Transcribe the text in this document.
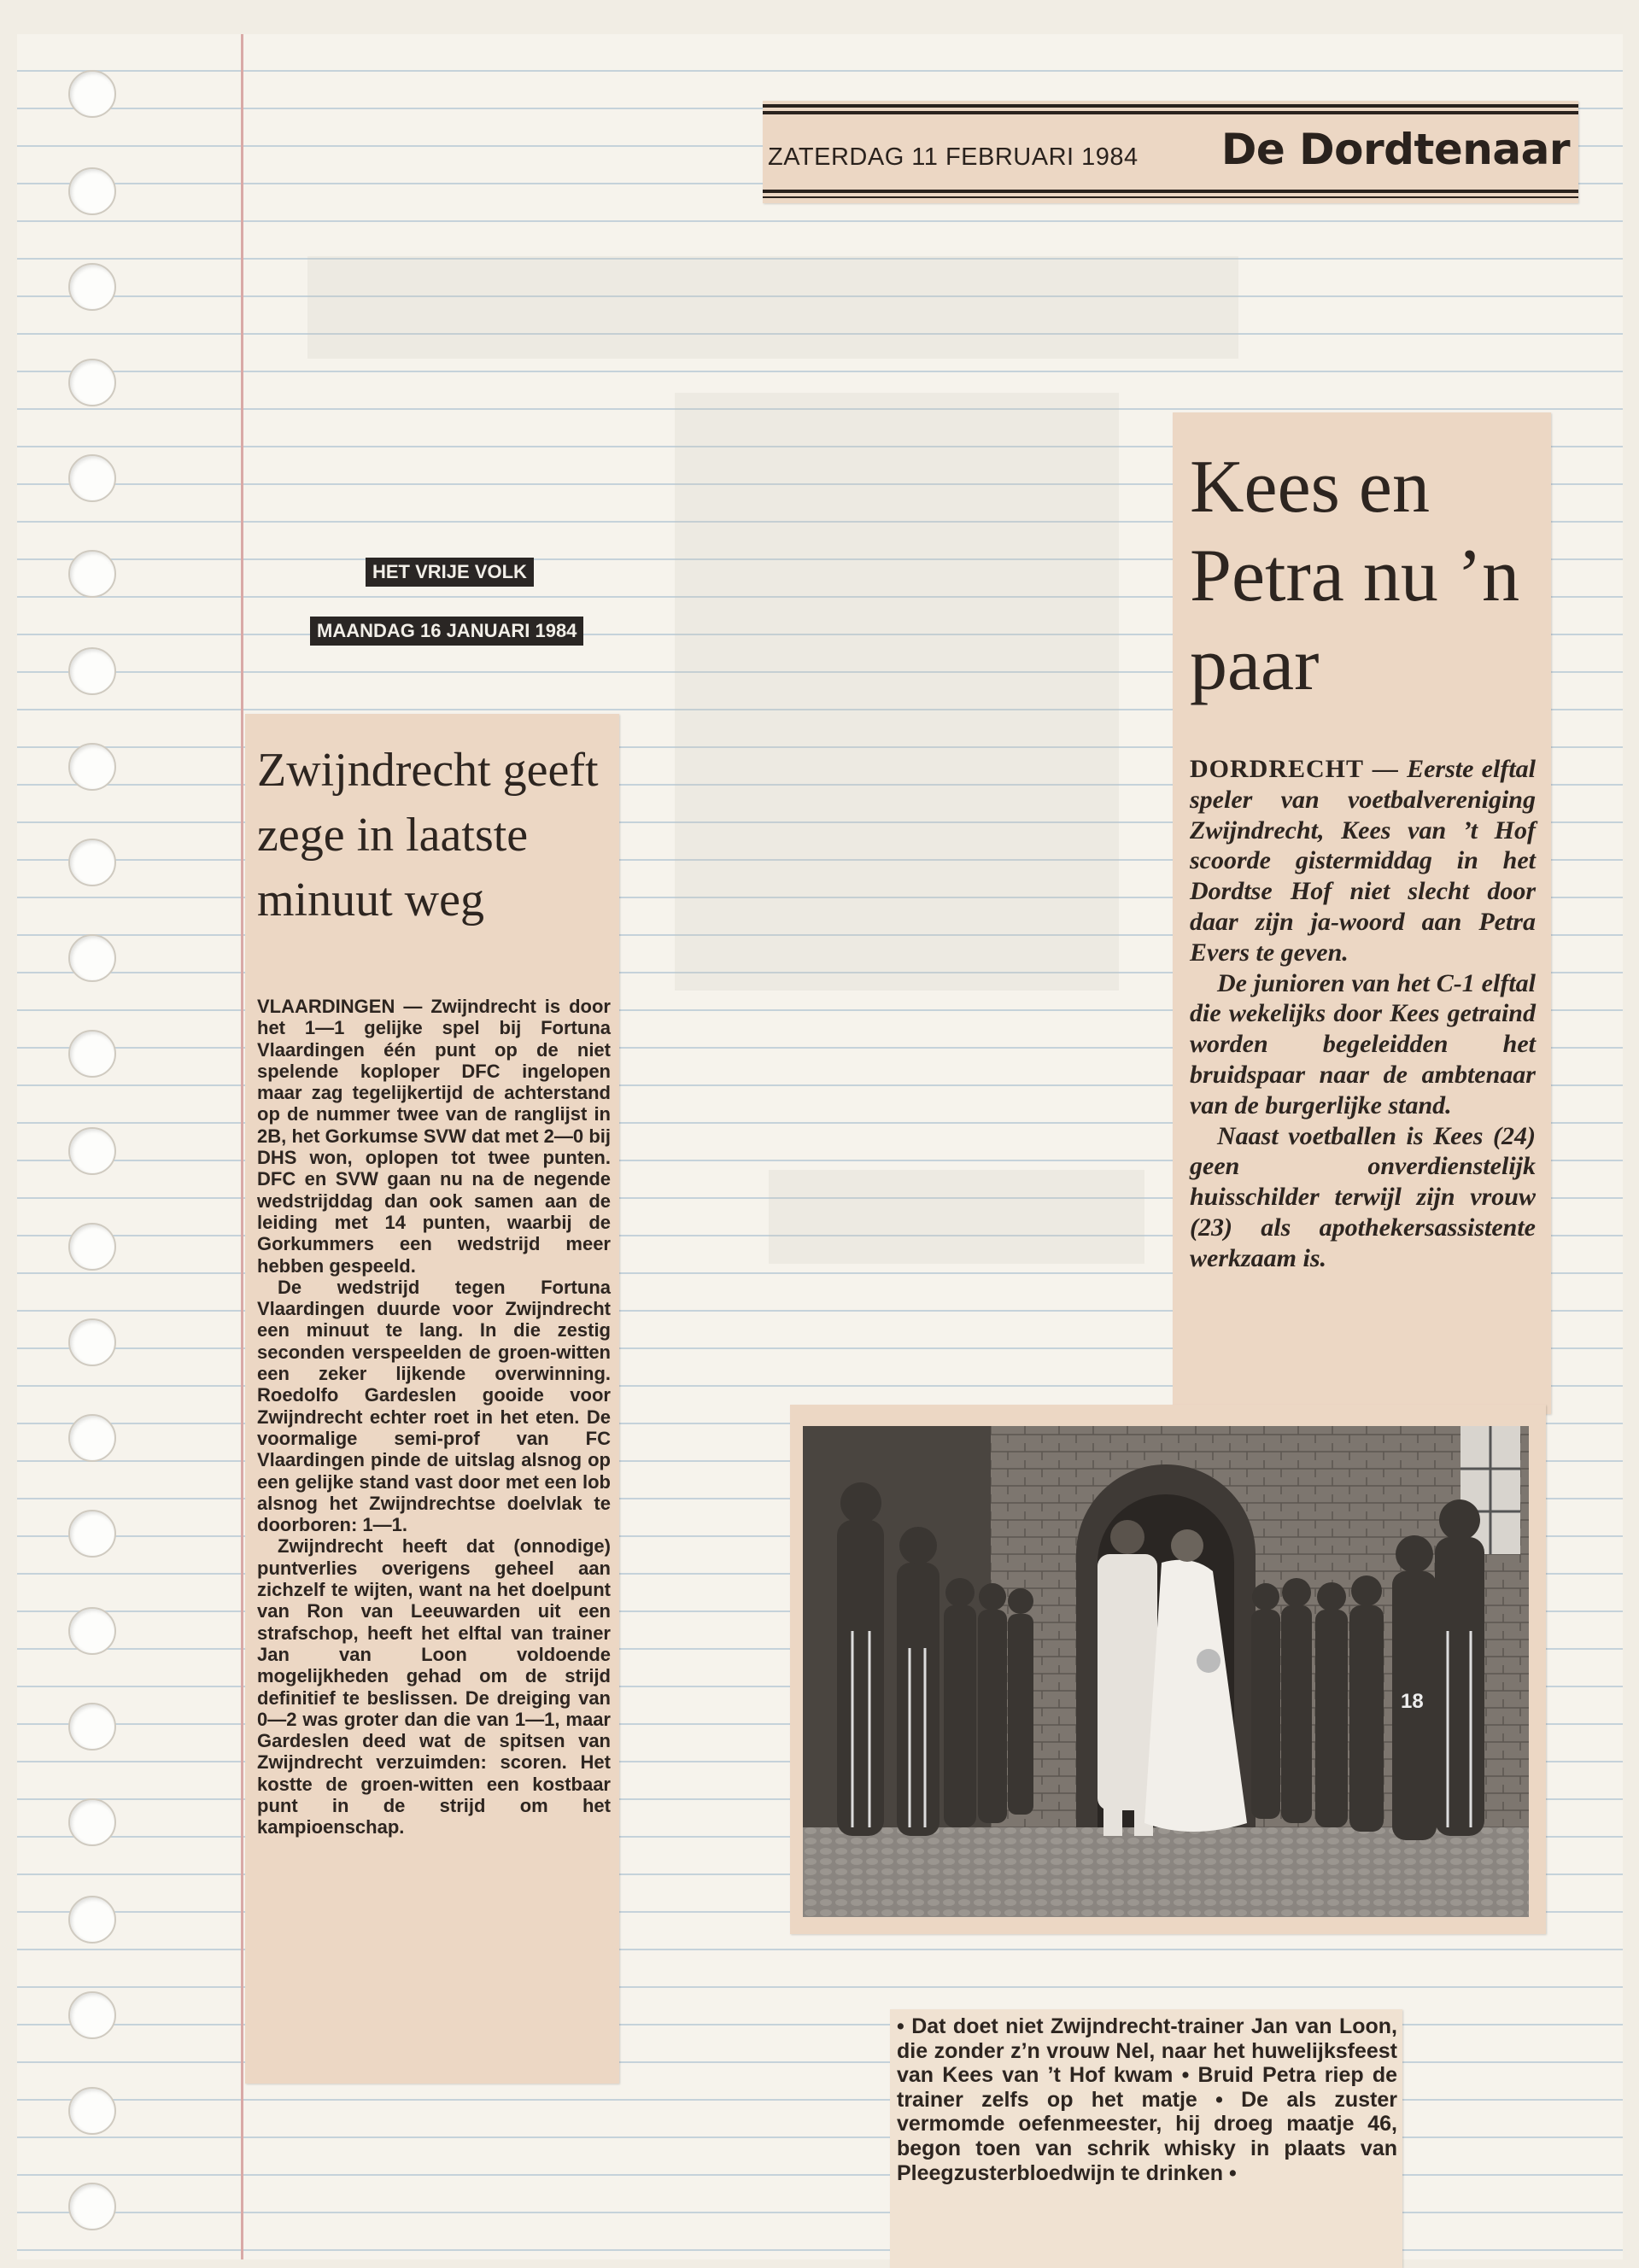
ZATERDAG 11 FEBRUARI 1984 De Dordtenaar
HET VRIJE VOLK
MAANDAG 16 JANUARI 1984
Zwijndrecht geeft zege in laatste minuut weg

VLAARDINGEN — Zwijndrecht is door het 1—1 gelijke spel bij Fortuna Vlaardingen één punt op de niet spelende koploper DFC ingelopen maar zag tegelijkertijd de achterstand op de nummer twee van de ranglijst in 2B, het Gorkumse SVW dat met 2—0 bij DHS won, oplopen tot twee punten. DFC en SVW gaan nu na de negende wedstrijddag dan ook samen aan de leiding met 14 punten, waarbij de Gorkummers een wedstrijd meer hebben gespeeld.

De wedstrijd tegen Fortuna Vlaardingen duurde voor Zwijndrecht een minuut te lang. In die zestig seconden verspeelden de groen-witten een zeker lijkende overwinning. Roedolfo Gardeslen gooide voor Zwijndrecht echter roet in het eten. De voormalige semi-prof van FC Vlaardingen pinde de uitslag alsnog op een gelijke stand vast door met een lob alsnog het Zwijndrechtse doelvlak te doorboren: 1—1.

Zwijndrecht heeft dat (onnodige) puntverlies overigens geheel aan zichzelf te wijten, want na het doelpunt van Ron van Leeuwarden uit een strafschop, heeft het elftal van trainer Jan van Loon voldoende mogelijkheden gehad om de strijd definitief te beslissen. De dreiging van 0—2 was groter dan die van 1—1, maar Gardeslen deed wat de spitsen van Zwijndrecht verzuimden: scoren. Het kostte de groen-witten een kostbaar punt in de strijd om het kampioenschap.

Kees en Petra nu ’n paar

DORDRECHT — Eerste elftal speler van voetbalvereniging Zwijndrecht, Kees van ’t Hof scoorde gistermiddag in het Dordtse Hof niet slecht door daar zijn ja-woord aan Petra Evers te geven.

De junioren van het C-1 elftal die wekelijks door Kees getraind worden begeleidden het bruidspaar naar de ambtenaar van de burgerlijke stand.

Naast voetballen is Kees (24) geen onverdienstelijk huisschilder terwijl zijn vrouw (23) als apothekersassistente werkzaam is.

18
• Dat doet niet Zwijndrecht-trainer Jan van Loon, die zonder z’n vrouw Nel, naar het huwelijksfeest van Kees van ’t Hof kwam • Bruid Petra riep de trainer zelfs op het matje • De als zuster vermomde oefenmeester, hij droeg maatje 46, begon toen van schrik whisky in plaats van Pleegzusterbloedwijn te drinken •
